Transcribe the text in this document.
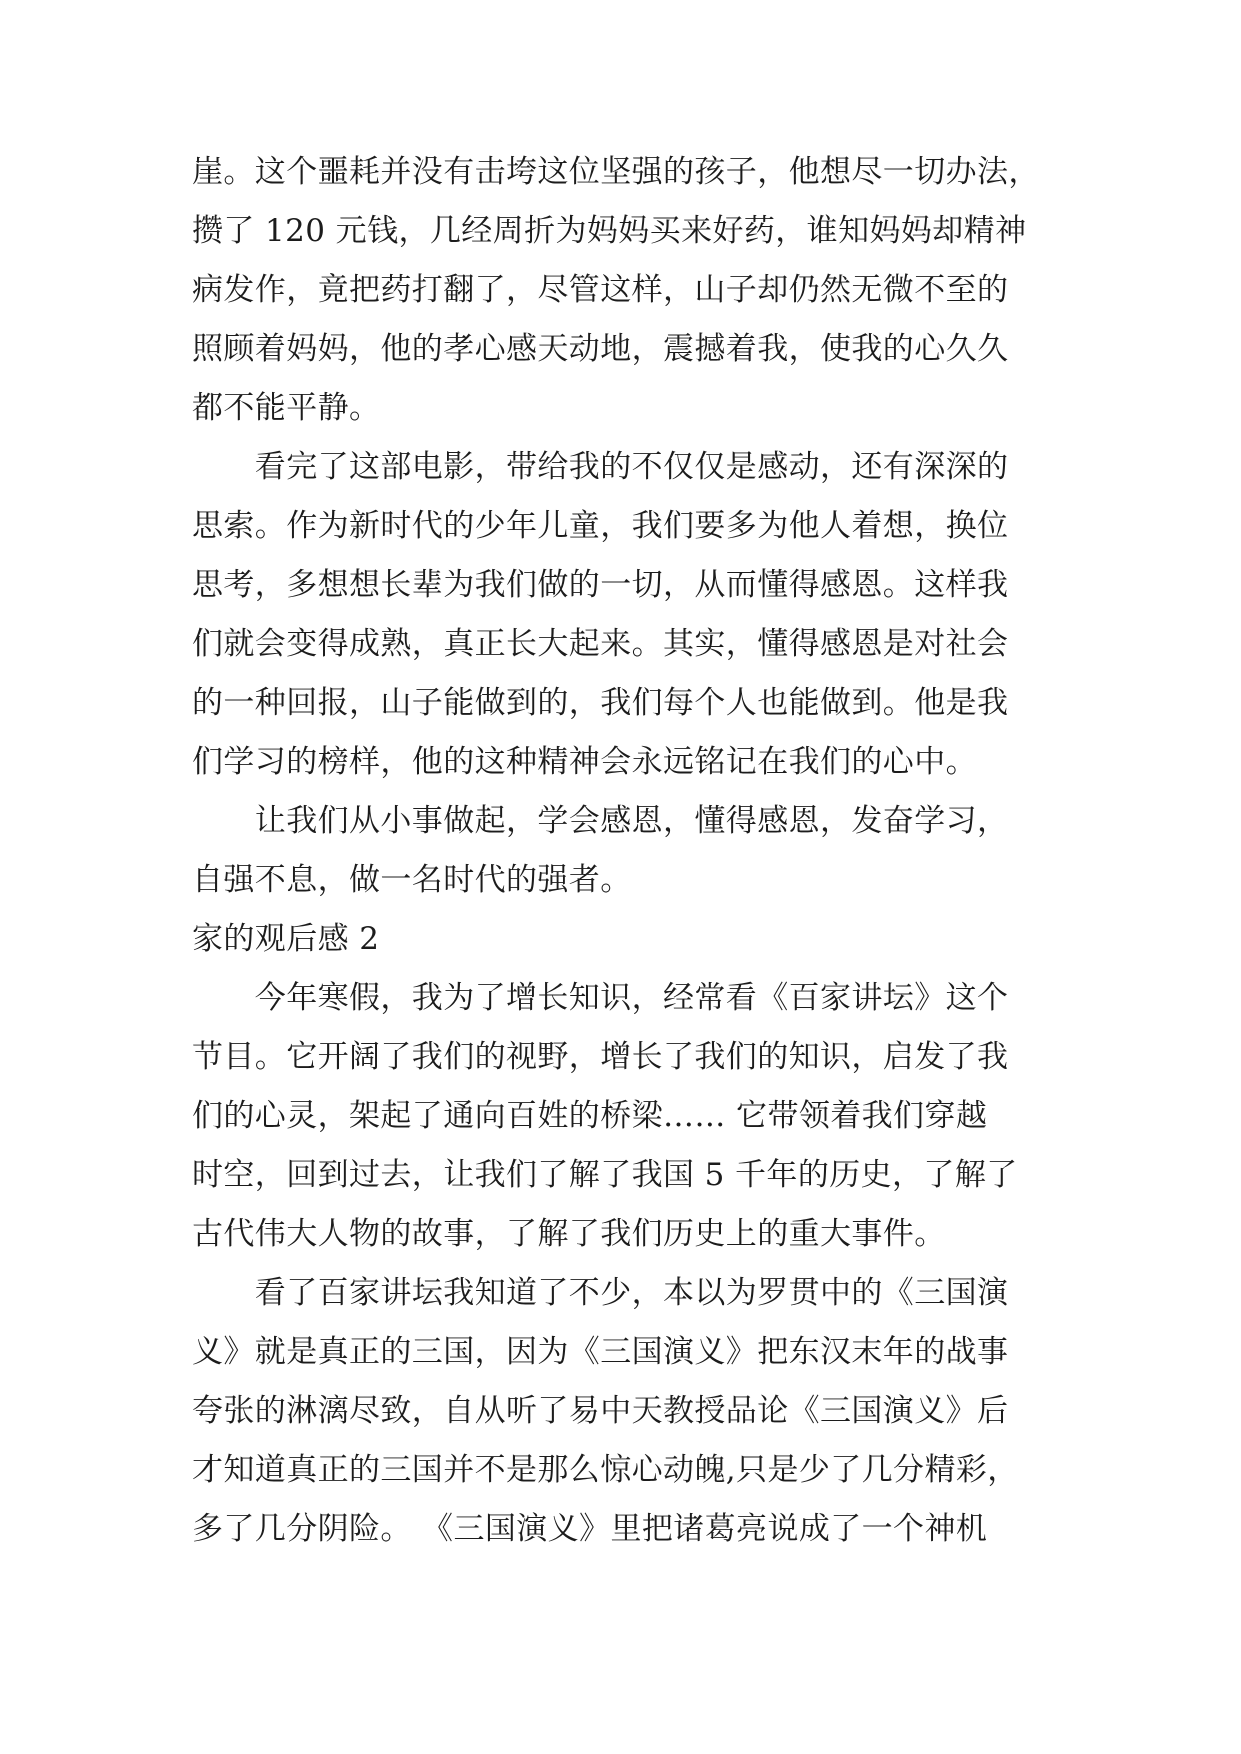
崖。这个噩耗并没有击垮这位坚强的孩子，他想尽一切办法，
攒了 120 元钱，几经周折为妈妈买来好药，谁知妈妈却精神
病发作，竟把药打翻了，尽管这样，山子却仍然无微不至的
照顾着妈妈，他的孝心感天动地，震撼着我，使我的心久久
都不能平静。
　　看完了这部电影，带给我的不仅仅是感动，还有深深的
思索。作为新时代的少年儿童，我们要多为他人着想，换位
思考，多想想长辈为我们做的一切，从而懂得感恩。这样我
们就会变得成熟，真正长大起来。其实，懂得感恩是对社会
的一种回报，山子能做到的，我们每个人也能做到。他是我
们学习的榜样，他的这种精神会永远铭记在我们的心中。
　　让我们从小事做起，学会感恩，懂得感恩，发奋学习，
自强不息，做一名时代的强者。
家的观后感 2
　　今年寒假，我为了增长知识，经常看《百家讲坛》这个
节目。它开阔了我们的视野，增长了我们的知识，启发了我
们的心灵，架起了通向百姓的桥梁…… 它带领着我们穿越
时空，回到过去，让我们了解了我国 5 千年的历史，了解了
古代伟大人物的故事，了解了我们历史上的重大事件。
　　看了百家讲坛我知道了不少，本以为罗贯中的《三国演
义》就是真正的三国，因为《三国演义》把东汉末年的战事
夸张的淋漓尽致，自从听了易中天教授品论《三国演义》后
才知道真正的三国并不是那么惊心动魄,只是少了几分精彩，
多了几分阴险。 《三国演义》里把诸葛亮说成了一个神机
